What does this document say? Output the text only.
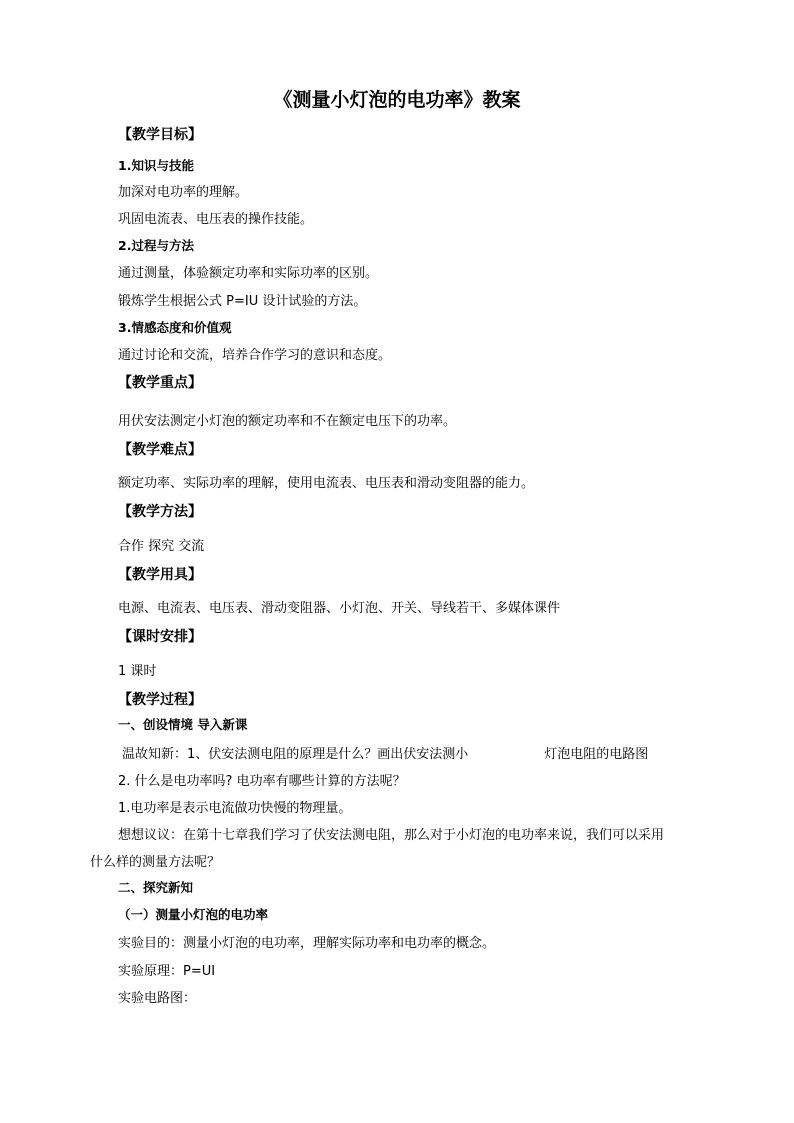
《测量小灯泡的电功率》教案
【教学目标】
1.知识与技能
加深对电功率的理解。
巩固电流表、电压表的操作技能。
2.过程与方法
通过测量，体验额定功率和实际功率的区别。
锻炼学生根据公式 P=IU 设计试验的方法。
3.情感态度和价值观
通过讨论和交流，培养合作学习的意识和态度。
【教学重点】
用伏安法测定小灯泡的额定功率和不在额定电压下的功率。
【教学难点】
额定功率、实际功率的理解，使用电流表、电压表和滑动变阻器的能力。
【教学方法】
合作 探究 交流
【教学用具】
电源、电流表、电压表、滑动变阻器、小灯泡、开关、导线若干、多媒体课件
【课时安排】
1 课时
【教学过程】
一、创设情境 导入新课
温故知新：1、伏安法测电阻的原理是什么？画出伏安法测小	灯泡电阻的电路图
2. 什么是电功率吗? 电功率有哪些计算的方法呢？
1.电功率是表示电流做功快慢的物理量。
想想议议：在第十七章我们学习了伏安法测电阻，那么对于小灯泡的电功率来说，我们可以采用
什么样的测量方法呢？
二、探究新知
（一）测量小灯泡的电功率
实验目的：测量小灯泡的电功率，理解实际功率和电功率的概念。
实验原理：P=UI
实验电路图：
